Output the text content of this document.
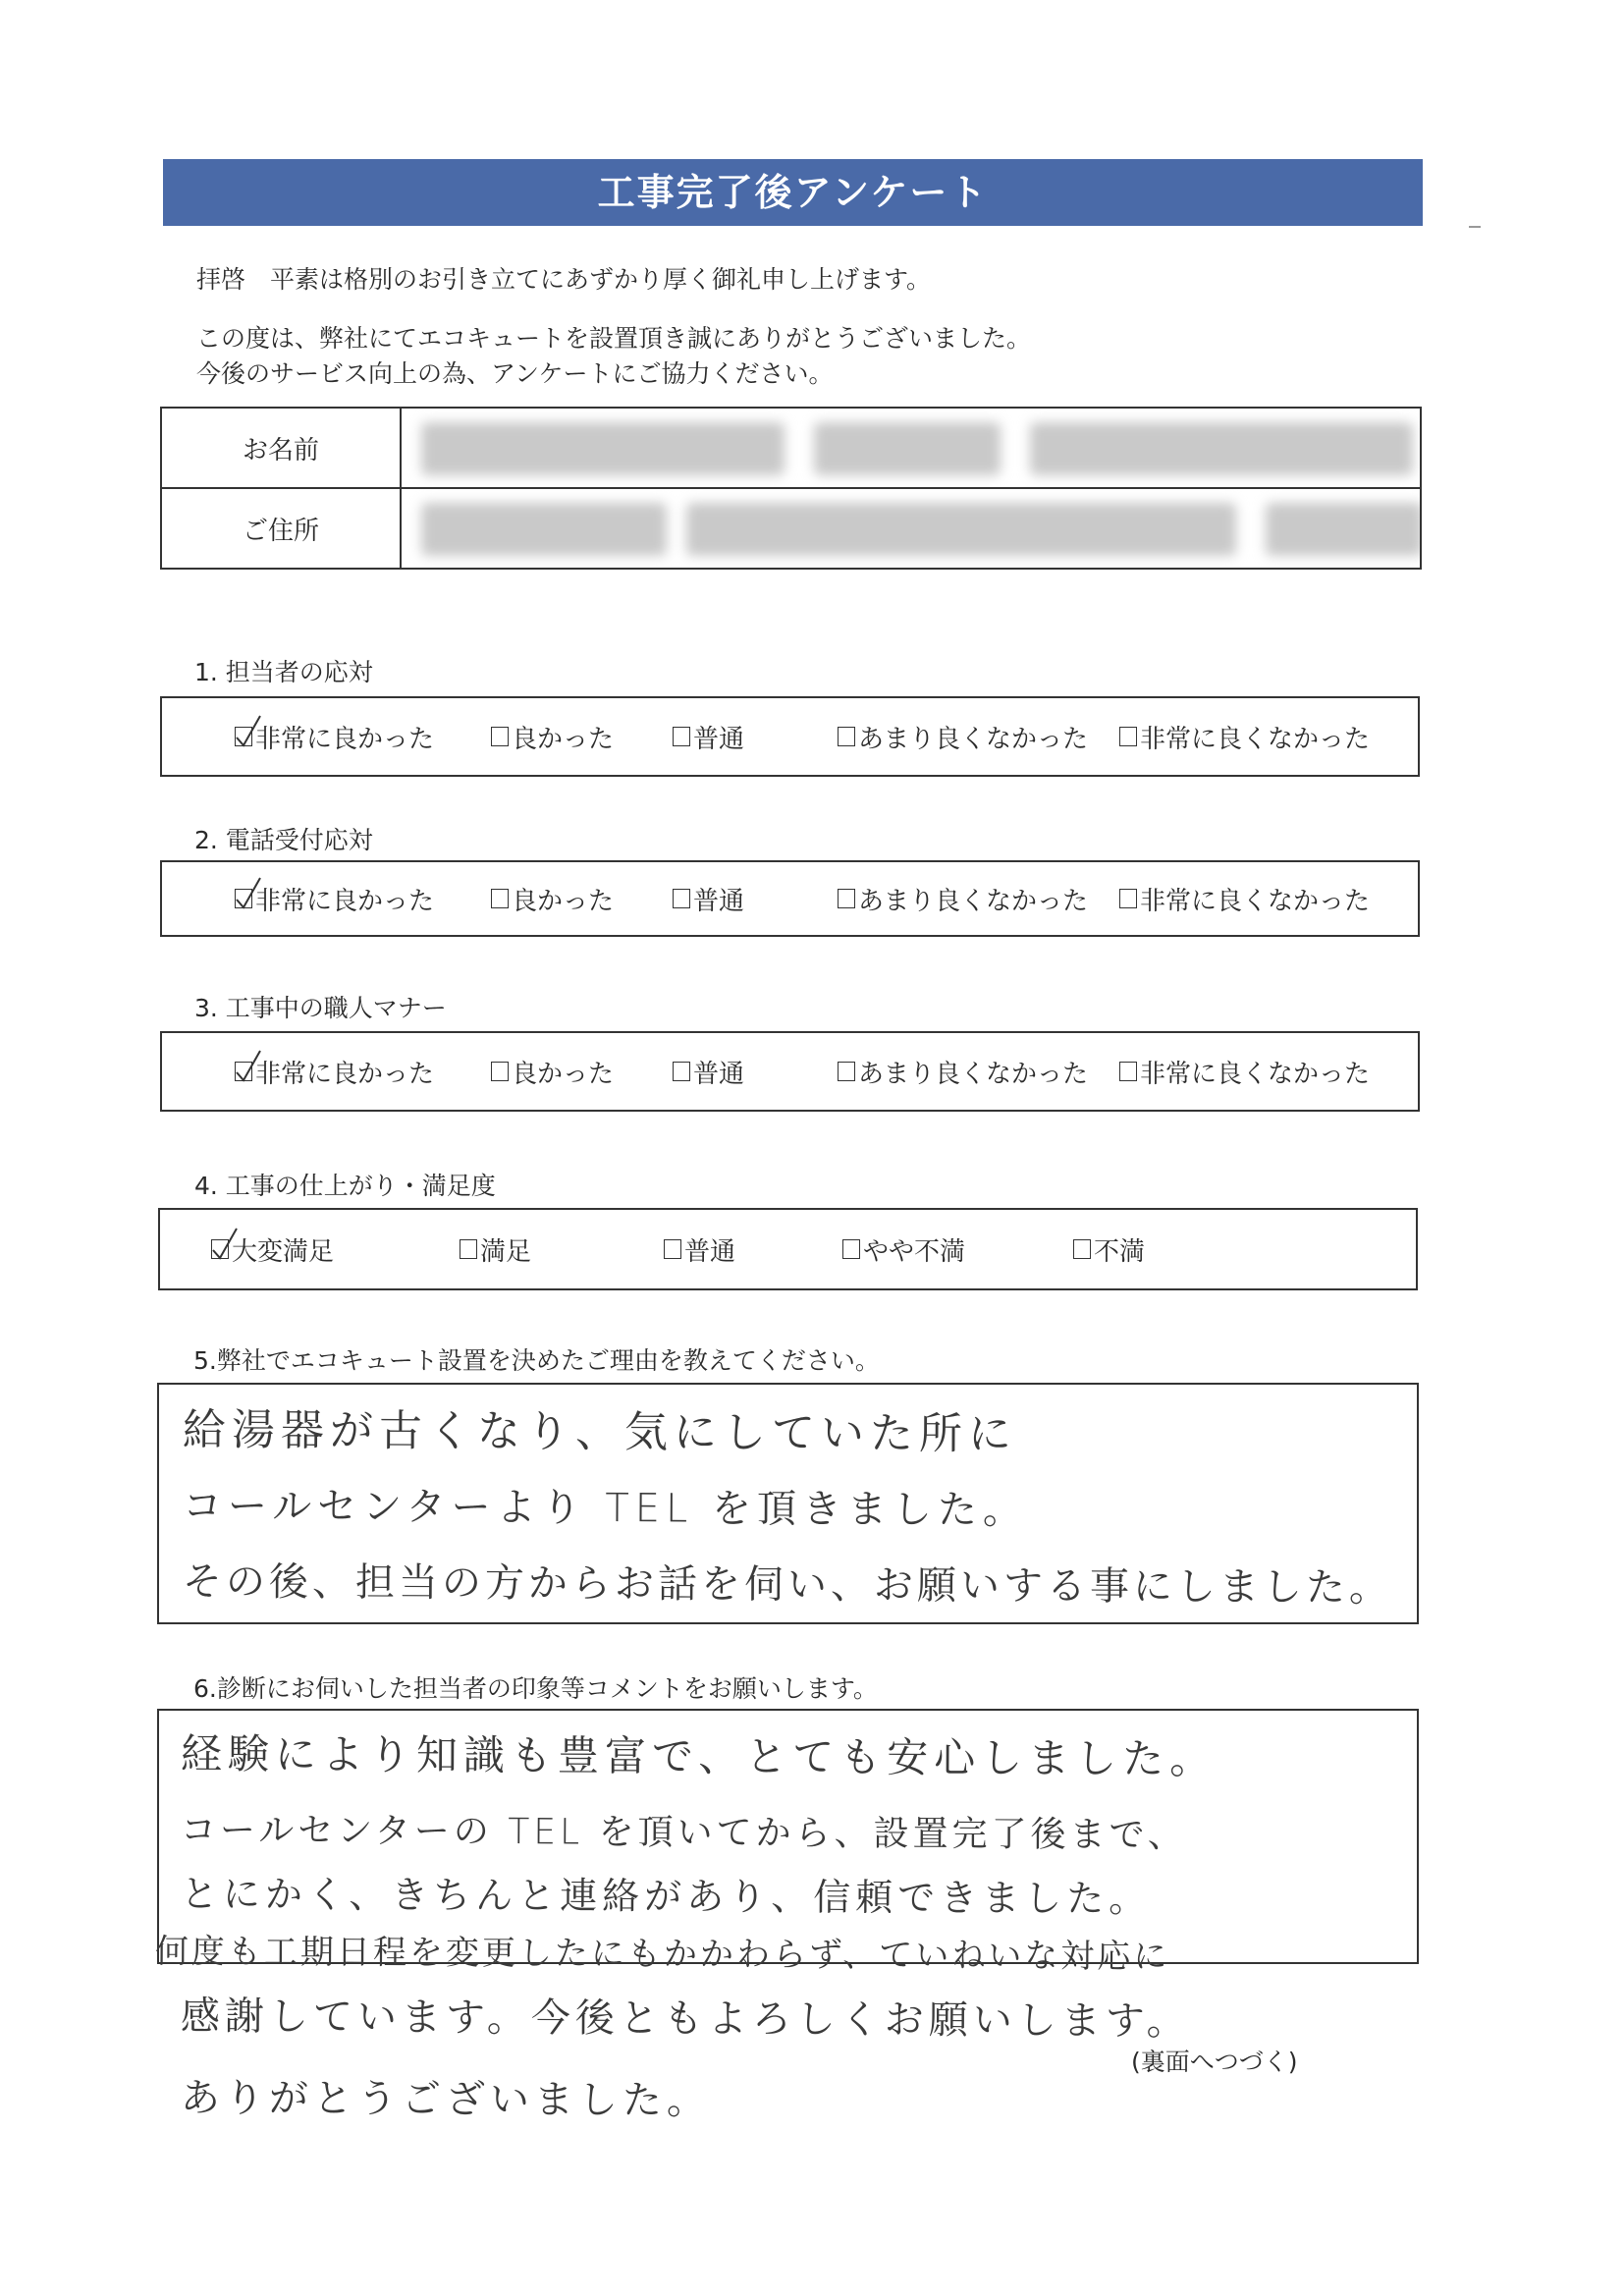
工事完了後アンケート
拝啓　平素は格別のお引き立てにあずかり厚く御礼申し上げます。
この度は、弊社にてエコキュートを設置頂き誠にありがとうございました。
今後のサービス向上の為、アンケートにご協力ください。
お名前
ご住所
1. 担当者の応対
非常に良かった	良かった	普通	あまり良くなかった 非常に良くなかった
2. 電話受付応対
非常に良かった	良かった	普通	あまり良くなかった 非常に良くなかった
3. 工事中の職人マナー
非常に良かった	良かった	普通	あまり良くなかった 非常に良くなかった
4. 工事の仕上がり・満足度
大変満足	満足	普通	やや不満	不満
5.弊社でエコキュート設置を決めたご理由を教えてください。
給湯器が古くなり、気にしていた所に
コールセンターより TEL を頂きました。
その後、担当の方からお話を伺い、お願いする事にしました。
6.診断にお伺いした担当者の印象等コメントをお願いします。
経験により知識も豊富で、とても安心しました。
コールセンターの TEL を頂いてから、設置完了後まで、
とにかく、きちんと連絡があり、信頼できました。
何度も工期日程を変更したにもかかわらず、ていねいな対応に
感謝しています。今後ともよろしくお願いします。
ありがとうございました。
(裏面へつづく)
